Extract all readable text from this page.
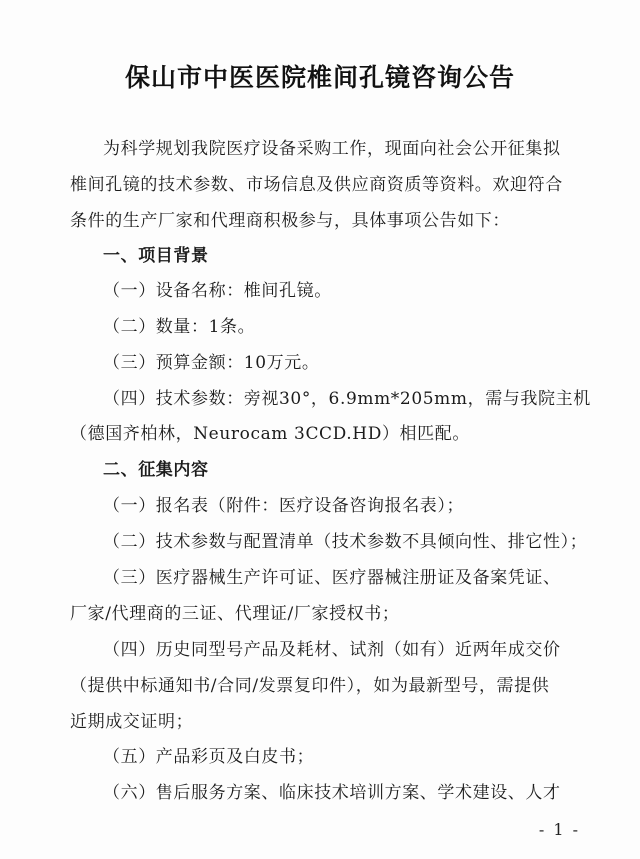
保山市中医医院椎间孔镜咨询公告
为科学规划我院医疗设备采购工作，现面向社会公开征集拟
椎间孔镜的技术参数、市场信息及供应商资质等资料。欢迎符合
条件的生产厂家和代理商积极参与，具体事项公告如下：
一、项目背景
（一）设备名称：椎间孔镜。
（二）数量：1条。
（三）预算金额：10万元。
（四）技术参数：旁视30°，6.9mm*205mm，需与我院主机
（德国齐柏林，Neurocam 3CCD.HD）相匹配。
二、征集内容
（一）报名表（附件：医疗设备咨询报名表）；
（二）技术参数与配置清单（技术参数不具倾向性、排它性）；
（三）医疗器械生产许可证、医疗器械注册证及备案凭证、
厂家/代理商的三证、代理证/厂家授权书；
（四）历史同型号产品及耗材、试剂（如有）近两年成交价
（提供中标通知书/合同/发票复印件），如为最新型号，需提供
近期成交证明；
（五）产品彩页及白皮书；
（六）售后服务方案、临床技术培训方案、学术建设、人才
- 1 -
